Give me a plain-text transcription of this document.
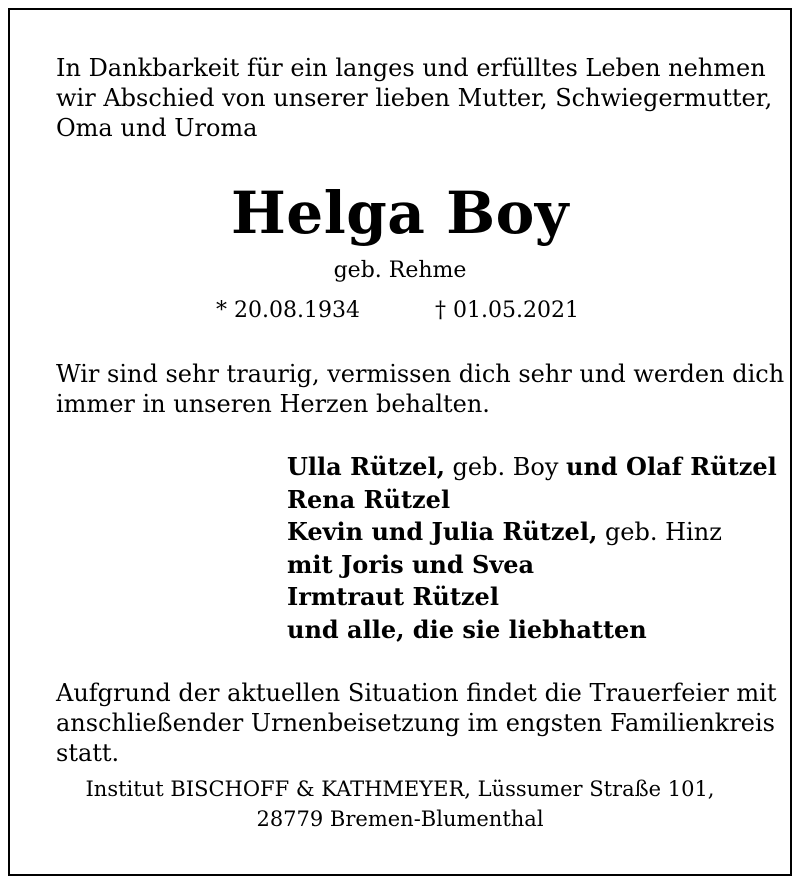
In Dankbarkeit für ein langes und erfülltes Leben nehmen
wir Abschied von unserer lieben Mutter, Schwiegermutter,
Oma und Uroma
Helga Boy
geb. Rehme
* 20.08.1934	† 01.05.2021
Wir sind sehr traurig, vermissen dich sehr und werden dich
immer in unseren Herzen behalten.
Ulla Rützel, geb. Boy und Olaf Rützel
Rena Rützel
Kevin und Julia Rützel, geb. Hinz
mit Joris und Svea
Irmtraut Rützel
und alle, die sie liebhatten
Aufgrund der aktuellen Situation findet die Trauerfeier mit
anschließender Urnenbeisetzung im engsten Familienkreis
statt.
Institut BISCHOFF & KATHMEYER, Lüssumer Straße 101,
28779 Bremen-Blumenthal
